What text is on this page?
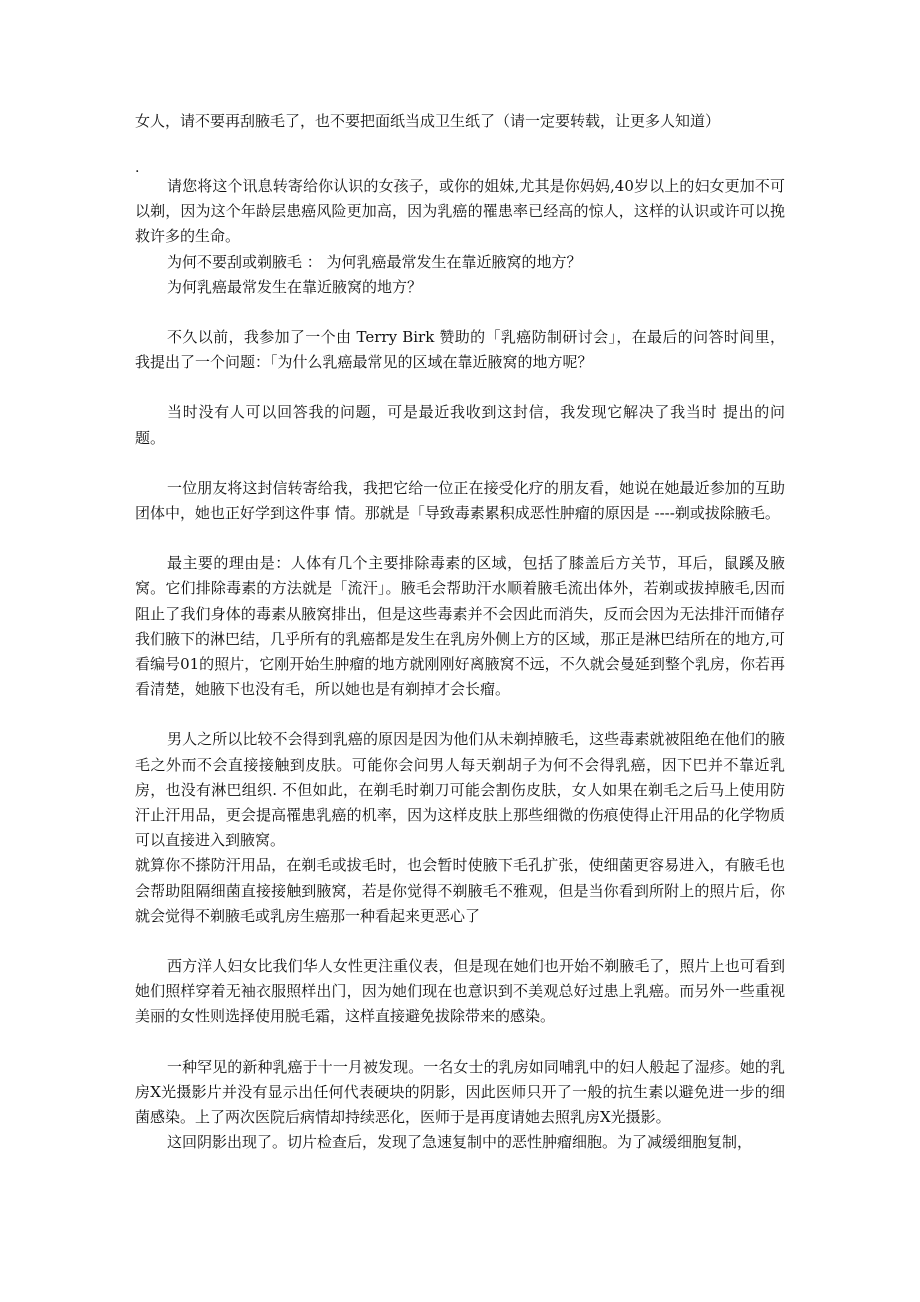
女人，请不要再刮腋毛了，也不要把面纸当成卫生纸了（请一定要转载，让更多人知道）

.

请您将这个讯息转寄给你认识的女孩子，或你的姐妹,尤其是你妈妈,40岁以上的妇女更加不可以剃，因为这个年龄层患癌风险更加高，因为乳癌的罹患率已经高的惊人，这样的认识或许可以挽救许多的生命。

为何不要刮或剃腋毛 ： 为何乳癌最常发生在靠近腋窝的地方？

为何乳癌最常发生在靠近腋窝的地方？

不久以前，我参加了一个由 Terry Birk 赞助的「乳癌防制研讨会」，在最后的问答时间里，我提出了一个问题：「为什么乳癌最常见的区域在靠近腋窝的地方呢？

当时没有人可以回答我的问题，可是最近我收到这封信，我发现它解决了我当时 提出的问题。

一位朋友将这封信转寄给我，我把它给一位正在接受化疗的朋友看，她说在她最近参加的互助团体中，她也正好学到这件事 情。那就是「导致毒素累积成恶性肿瘤的原因是 ----剃或拔除腋毛。

最主要的理由是：人体有几个主要排除毒素的区域，包括了膝盖后方关节，耳后，鼠蹊及腋窝。它们排除毒素的方法就是「流汗」。腋毛会帮助汗水顺着腋毛流出体外，若剃或拔掉腋毛,因而阻止了我们身体的毒素从腋窝排出，但是这些毒素并不会因此而消失，反而会因为无法排汗而储存我们腋下的淋巴结，几乎所有的乳癌都是发生在乳房外侧上方的区域，那正是淋巴结所在的地方,可看编号01的照片，它刚开始生肿瘤的地方就刚刚好离腋窝不远，不久就会曼延到整个乳房，你若再看清楚，她腋下也没有毛，所以她也是有剃掉才会长瘤。

男人之所以比较不会得到乳癌的原因是因为他们从未剃掉腋毛，这些毒素就被阻绝在他们的腋毛之外而不会直接接触到皮肤。可能你会问男人每天剃胡子为何不会得乳癌，因下巴并不靠近乳房，也没有淋巴组织. 不但如此，在剃毛时剃刀可能会割伤皮肤，女人如果在剃毛之后马上使用防汗止汗用品，更会提高罹患乳癌的机率，因为这样皮肤上那些细微的伤痕使得止汗用品的化学物质可以直接进入到腋窝。

就算你不搽防汗用品，在剃毛或拔毛时，也会暂时使腋下毛孔扩张，使细菌更容易进入，有腋毛也会帮助阻隔细菌直接接触到腋窝，若是你觉得不剃腋毛不雅观，但是当你看到所附上的照片后，你就会觉得不剃腋毛或乳房生癌那一种看起来更恶心了

西方洋人妇女比我们华人女性更注重仪表，但是现在她们也开始不剃腋毛了，照片上也可看到她们照样穿着无袖衣服照样出门，因为她们现在也意识到不美观总好过患上乳癌。而另外一些重视美丽的女性则选择使用脱毛霜，这样直接避免拔除带来的感染。

一种罕见的新种乳癌于十一月被发现。一名女士的乳房如同哺乳中的妇人般起了湿疹。她的乳房X光摄影片并没有显示出任何代表硬块的阴影，因此医师只开了一般的抗生素以避免进一步的细菌感染。上了两次医院后病情却持续恶化，医师于是再度请她去照乳房X光摄影。

这回阴影出现了。切片检查后，发现了急速复制中的恶性肿瘤细胞。为了减缓细胞复制，
